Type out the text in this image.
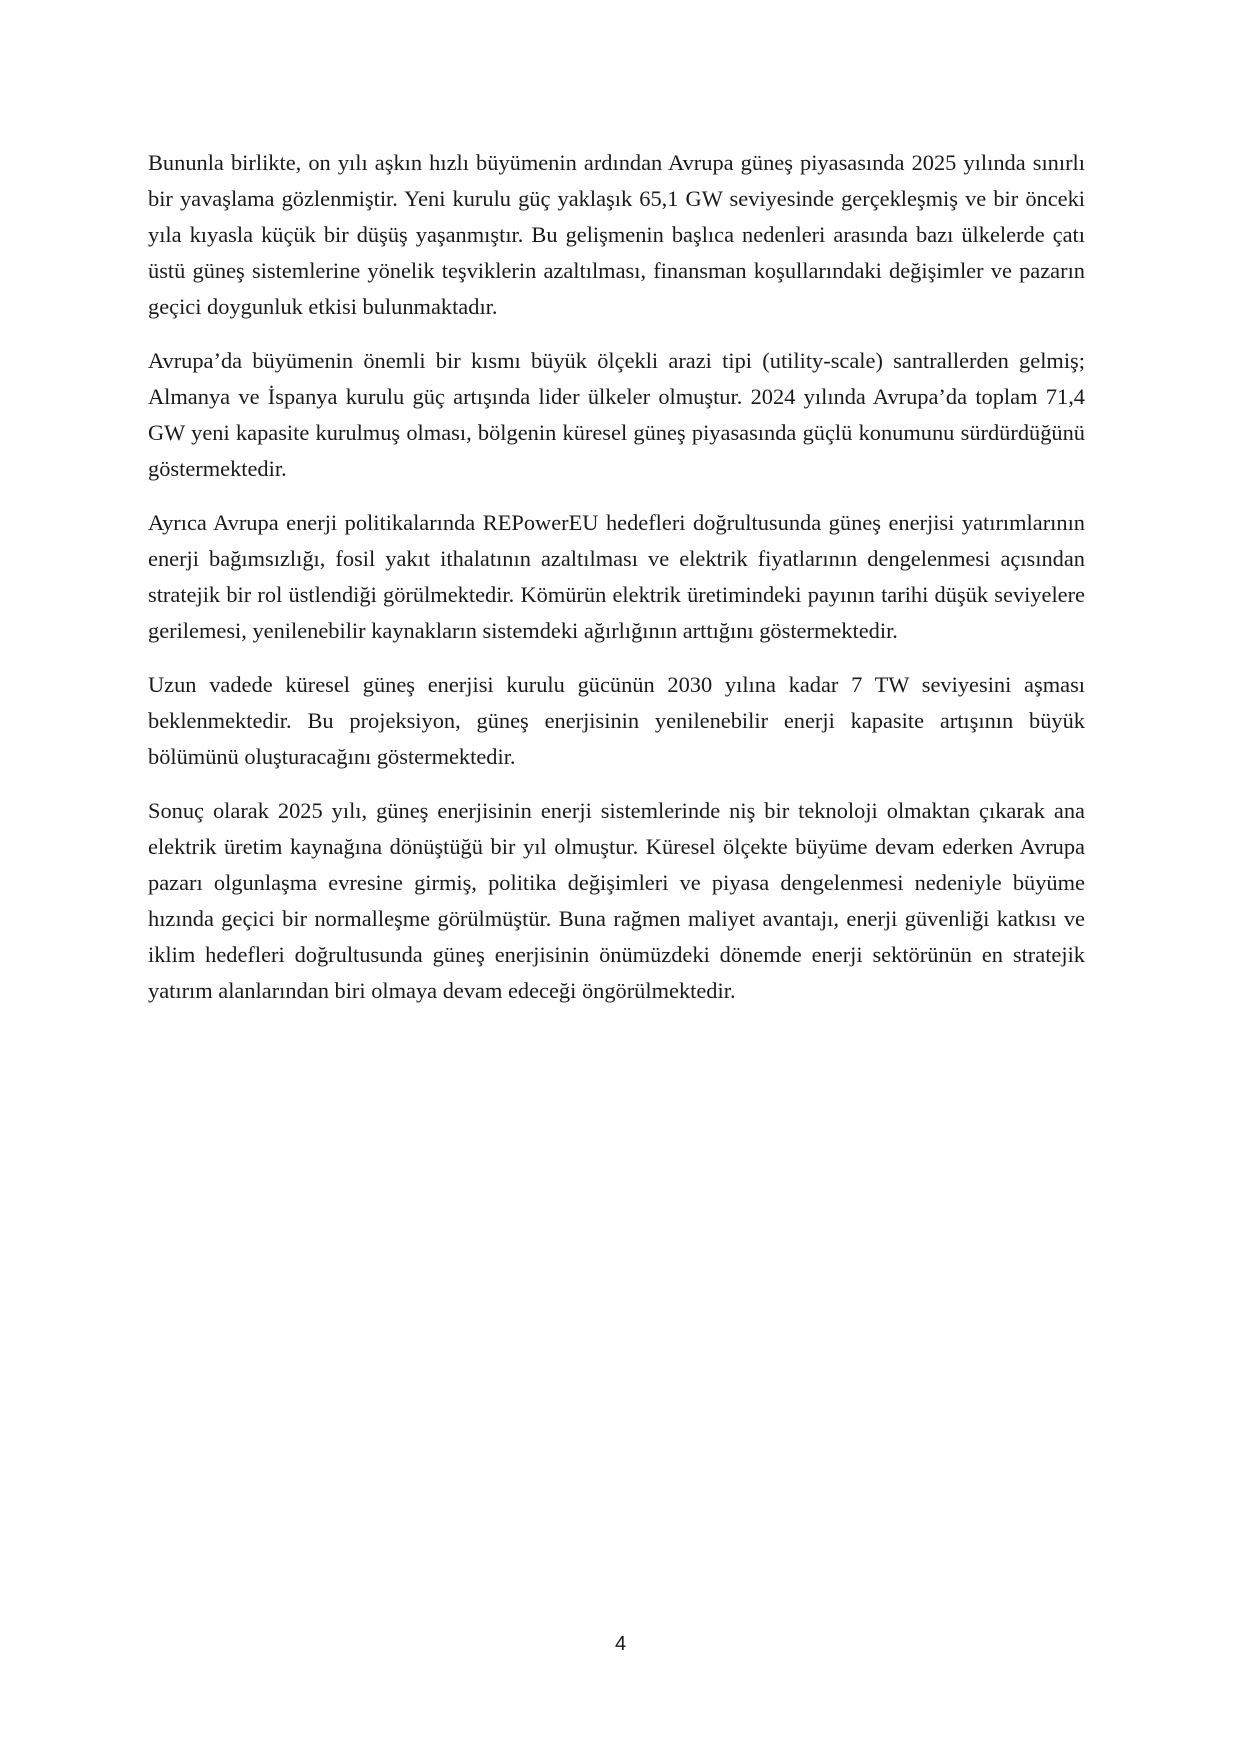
Bununla birlikte, on yılı aşkın hızlı büyümenin ardından Avrupa güneş piyasasında 2025 yılında sınırlı bir yavaşlama gözlenmiştir. Yeni kurulu güç yaklaşık 65,1 GW seviyesinde gerçekleşmiş ve bir önceki yıla kıyasla küçük bir düşüş yaşanmıştır. Bu gelişmenin başlıca nedenleri arasında bazı ülkelerde çatı üstü güneş sistemlerine yönelik teşviklerin azaltılması, finansman koşullarındaki değişimler ve pazarın geçici doygunluk etkisi bulunmaktadır.

Avrupa’da büyümenin önemli bir kısmı büyük ölçekli arazi tipi (utility-scale) santrallerden gelmiş; Almanya ve İspanya kurulu güç artışında lider ülkeler olmuştur. 2024 yılında Avrupa’da toplam 71,4 GW yeni kapasite kurulmuş olması, bölgenin küresel güneş piyasasında güçlü konumunu sürdürdüğünü göstermektedir.

Ayrıca Avrupa enerji politikalarında REPowerEU hedefleri doğrultusunda güneş enerjisi yatırımlarının enerji bağımsızlığı, fosil yakıt ithalatının azaltılması ve elektrik fiyatlarının dengelenmesi açısından stratejik bir rol üstlendiği görülmektedir. Kömürün elektrik üretimindeki payının tarihi düşük seviyelere gerilemesi, yenilenebilir kaynakların sistemdeki ağırlığının arttığını göstermektedir.

Uzun vadede küresel güneş enerjisi kurulu gücünün 2030 yılına kadar 7 TW seviyesini aşması beklenmektedir. Bu projeksiyon, güneş enerjisinin yenilenebilir enerji kapasite artışının büyük bölümünü oluşturacağını göstermektedir.

Sonuç olarak 2025 yılı, güneş enerjisinin enerji sistemlerinde niş bir teknoloji olmaktan çıkarak ana elektrik üretim kaynağına dönüştüğü bir yıl olmuştur. Küresel ölçekte büyüme devam ederken Avrupa pazarı olgunlaşma evresine girmiş, politika değişimleri ve piyasa dengelenmesi nedeniyle büyüme hızında geçici bir normalleşme görülmüştür. Buna rağmen maliyet avantajı, enerji güvenliği katkısı ve iklim hedefleri doğrultusunda güneş enerjisinin önümüzdeki dönemde enerji sektörünün en stratejik yatırım alanlarından biri olmaya devam edeceği öngörülmektedir.

4
